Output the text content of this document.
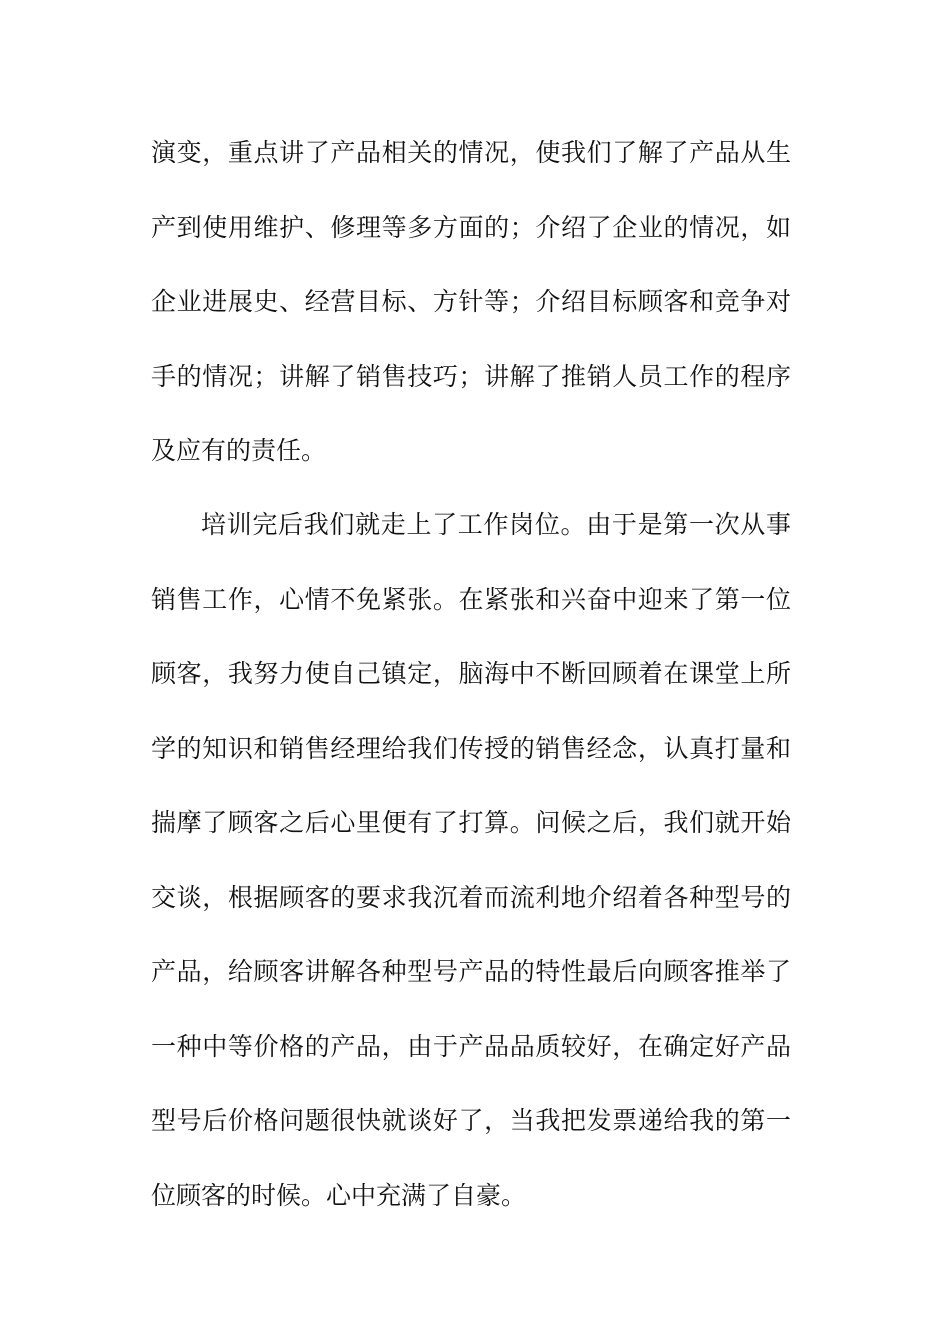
演变，重点讲了产品相关的情况，使我们了解了产品从生
产到使用维护、修理等多方面的；介绍了企业的情况，如
企业进展史、经营目标、方针等；介绍目标顾客和竞争对
手的情况；讲解了销售技巧；讲解了推销人员工作的程序
及应有的责任。
培训完后我们就走上了工作岗位。由于是第一次从事
销售工作，心情不免紧张。在紧张和兴奋中迎来了第一位
顾客，我努力使自己镇定，脑海中不断回顾着在课堂上所
学的知识和销售经理给我们传授的销售经念，认真打量和
揣摩了顾客之后心里便有了打算。问候之后，我们就开始
交谈，根据顾客的要求我沉着而流利地介绍着各种型号的
产品，给顾客讲解各种型号产品的特性最后向顾客推举了
一种中等价格的产品，由于产品品质较好，在确定好产品
型号后价格问题很快就谈好了，当我把发票递给我的第一
位顾客的时候。心中充满了自豪。
